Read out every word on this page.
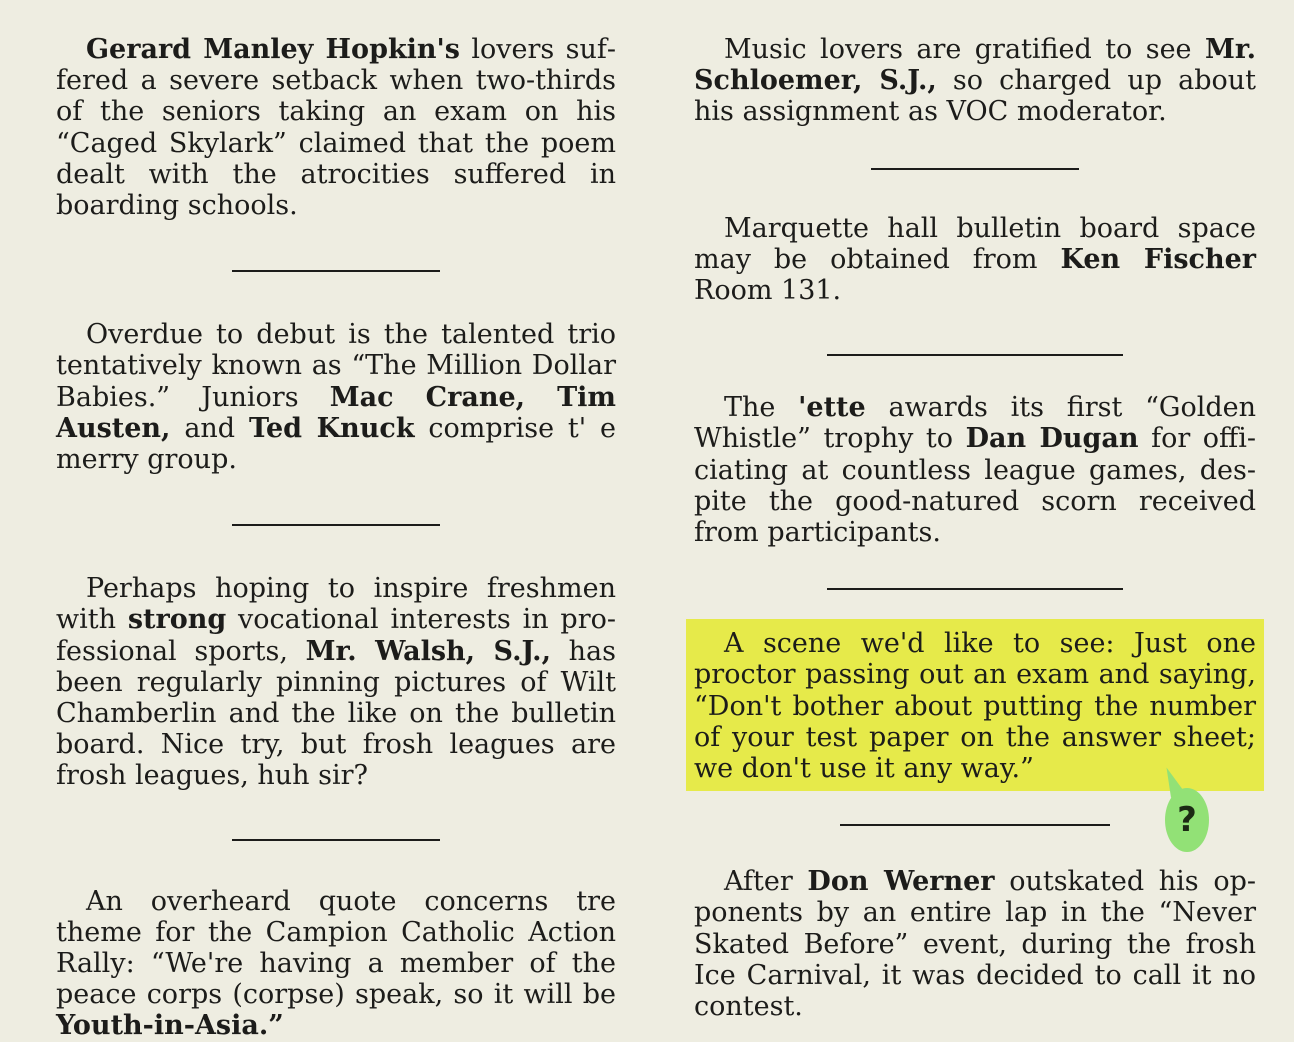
Gerard Manley Hopkin's lovers suffered a severe setback when two-thirds of the seniors taking an exam on his “Caged Skylark” claimed that the poem dealt with the atrocities suffered in boarding schools.

Overdue to debut is the talented trio tentatively known as “The Million Dollar Babies.” Juniors Mac Crane, Tim Austen, and Ted Knuck comprise t' e merry group.

Perhaps hoping to inspire freshmen with strong vocational interests in professional sports, Mr. Walsh, S.J., has been regularly pinning pictures of Wilt Chamberlin and the like on the bulletin board. Nice try, but frosh leagues are frosh leagues, huh sir?

An overheard quote concerns tre theme for the Campion Catholic Action Rally: “We're having a member of the peace corps (corpse) speak, so it will be Youth-in-Asia.”

Music lovers are gratified to see Mr. Schloemer, S.J., so charged up about his assignment as VOC moderator.

Marquette hall bulletin board space may be obtained from Ken Fischer Room 131.

The 'ette awards its first “Golden Whistle” trophy to Dan Dugan for officiating at countless league games, despite the good-natured scorn received from participants.

A scene we'd like to see: Just one proctor passing out an exam and saying, “Don't bother about putting the number of your test paper on the answer sheet; we don't use it any way.”

After Don Werner outskated his opponents by an entire lap in the “Never Skated Before” event, during the frosh Ice Carnival, it was decided to call it no contest.

?
